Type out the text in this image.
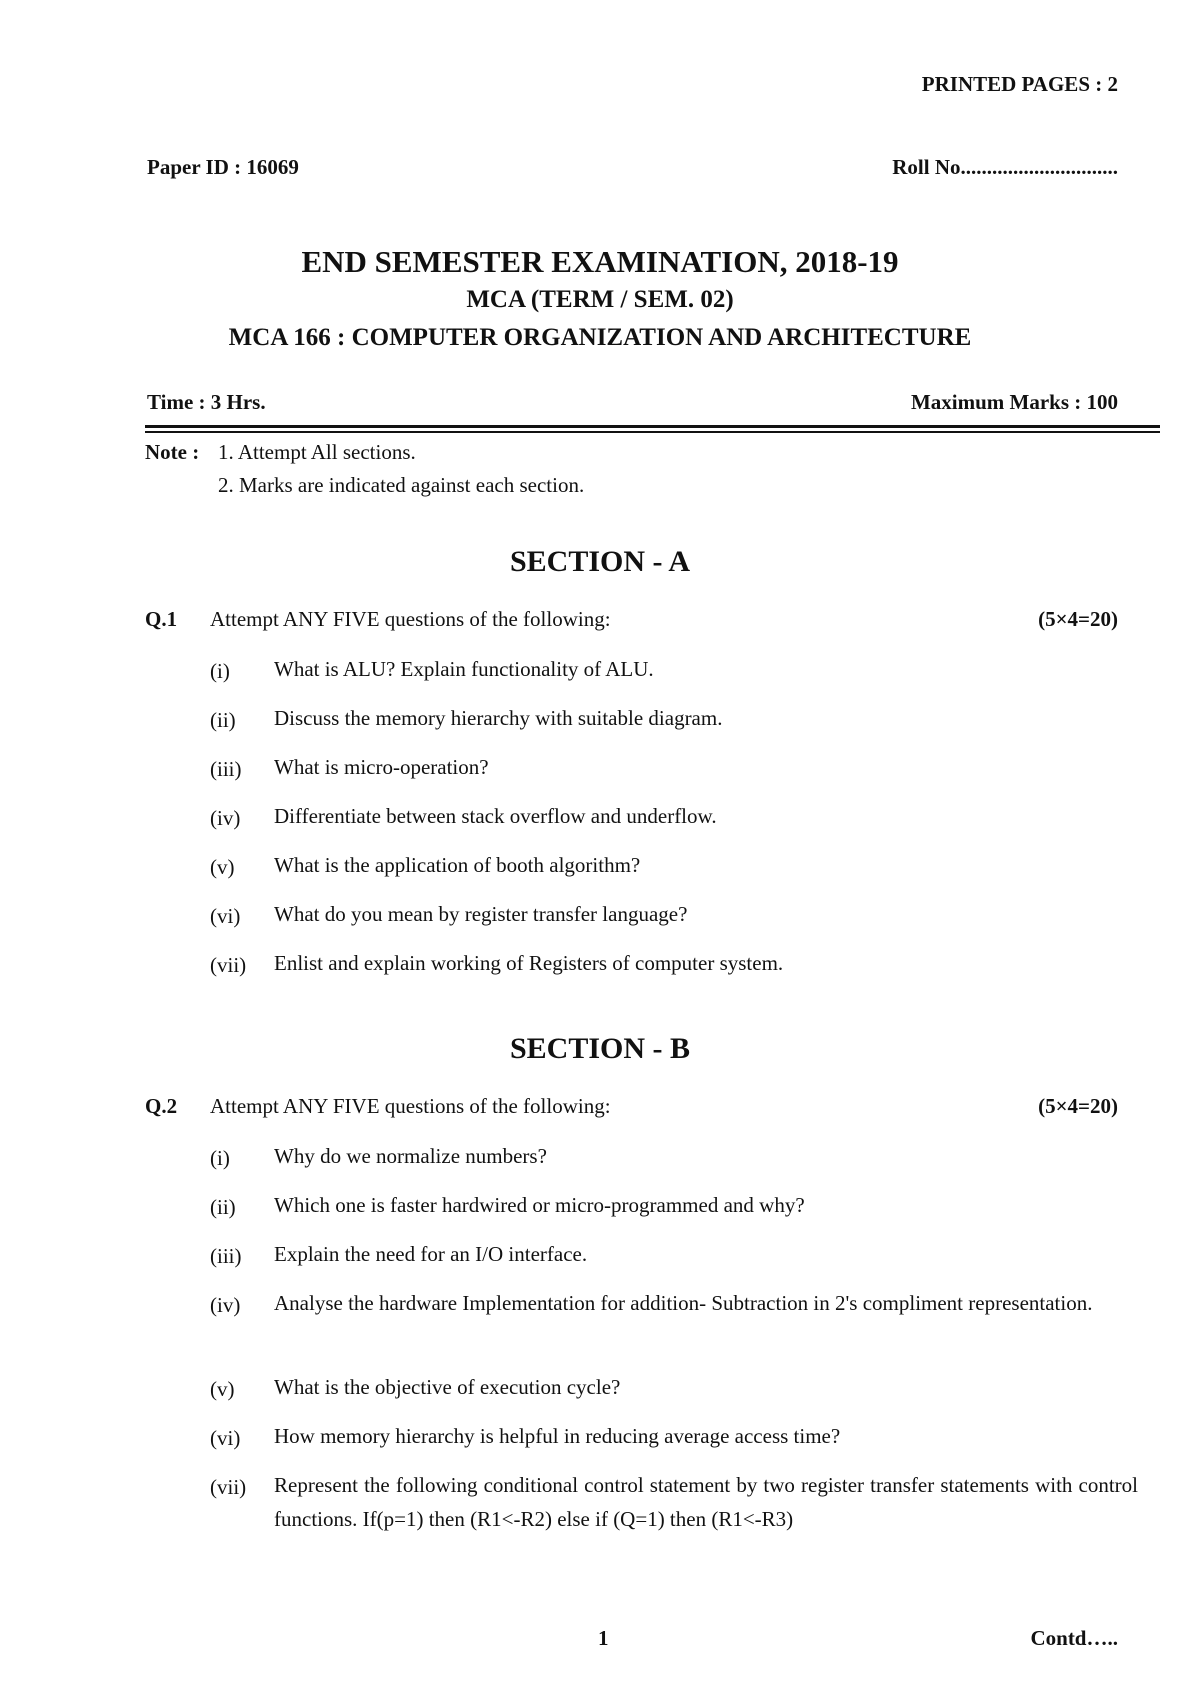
PRINTED PAGES : 2
Paper ID : 16069	Roll No..............................
END SEMESTER EXAMINATION, 2018-19
MCA (TERM / SEM. 02)
MCA 166 : COMPUTER ORGANIZATION AND ARCHITECTURE
Time : 3 Hrs.	Maximum Marks : 100
Note : 1. Attempt All sections.
2. Marks are indicated against each section.
SECTION - A
Q.1 Attempt ANY FIVE questions of the following:	(5×4=20)
(i) What is ALU? Explain functionality of ALU.
(ii) Discuss the memory hierarchy with suitable diagram.
(iii) What is micro-operation?
(iv) Differentiate between stack overflow and underflow.
(v) What is the application of booth algorithm?
(vi) What do you mean by register transfer language?
(vii) Enlist and explain working of Registers of computer system.
SECTION - B
Q.2 Attempt ANY FIVE questions of the following:	(5×4=20)
(i) Why do we normalize numbers?
(ii) Which one is faster hardwired or micro-programmed and why?
(iii) Explain the need for an I/O interface.
(iv) Analyse the hardware Implementation for addition- Subtraction in 2's compliment representation.
(v) What is the objective of execution cycle?
(vi) How memory hierarchy is helpful in reducing average access time?
(vii) Represent the following conditional control statement by two register transfer statements with control functions. If(p=1) then (R1<-R2) else if (Q=1) then (R1<-R3)
1	Contd…..
